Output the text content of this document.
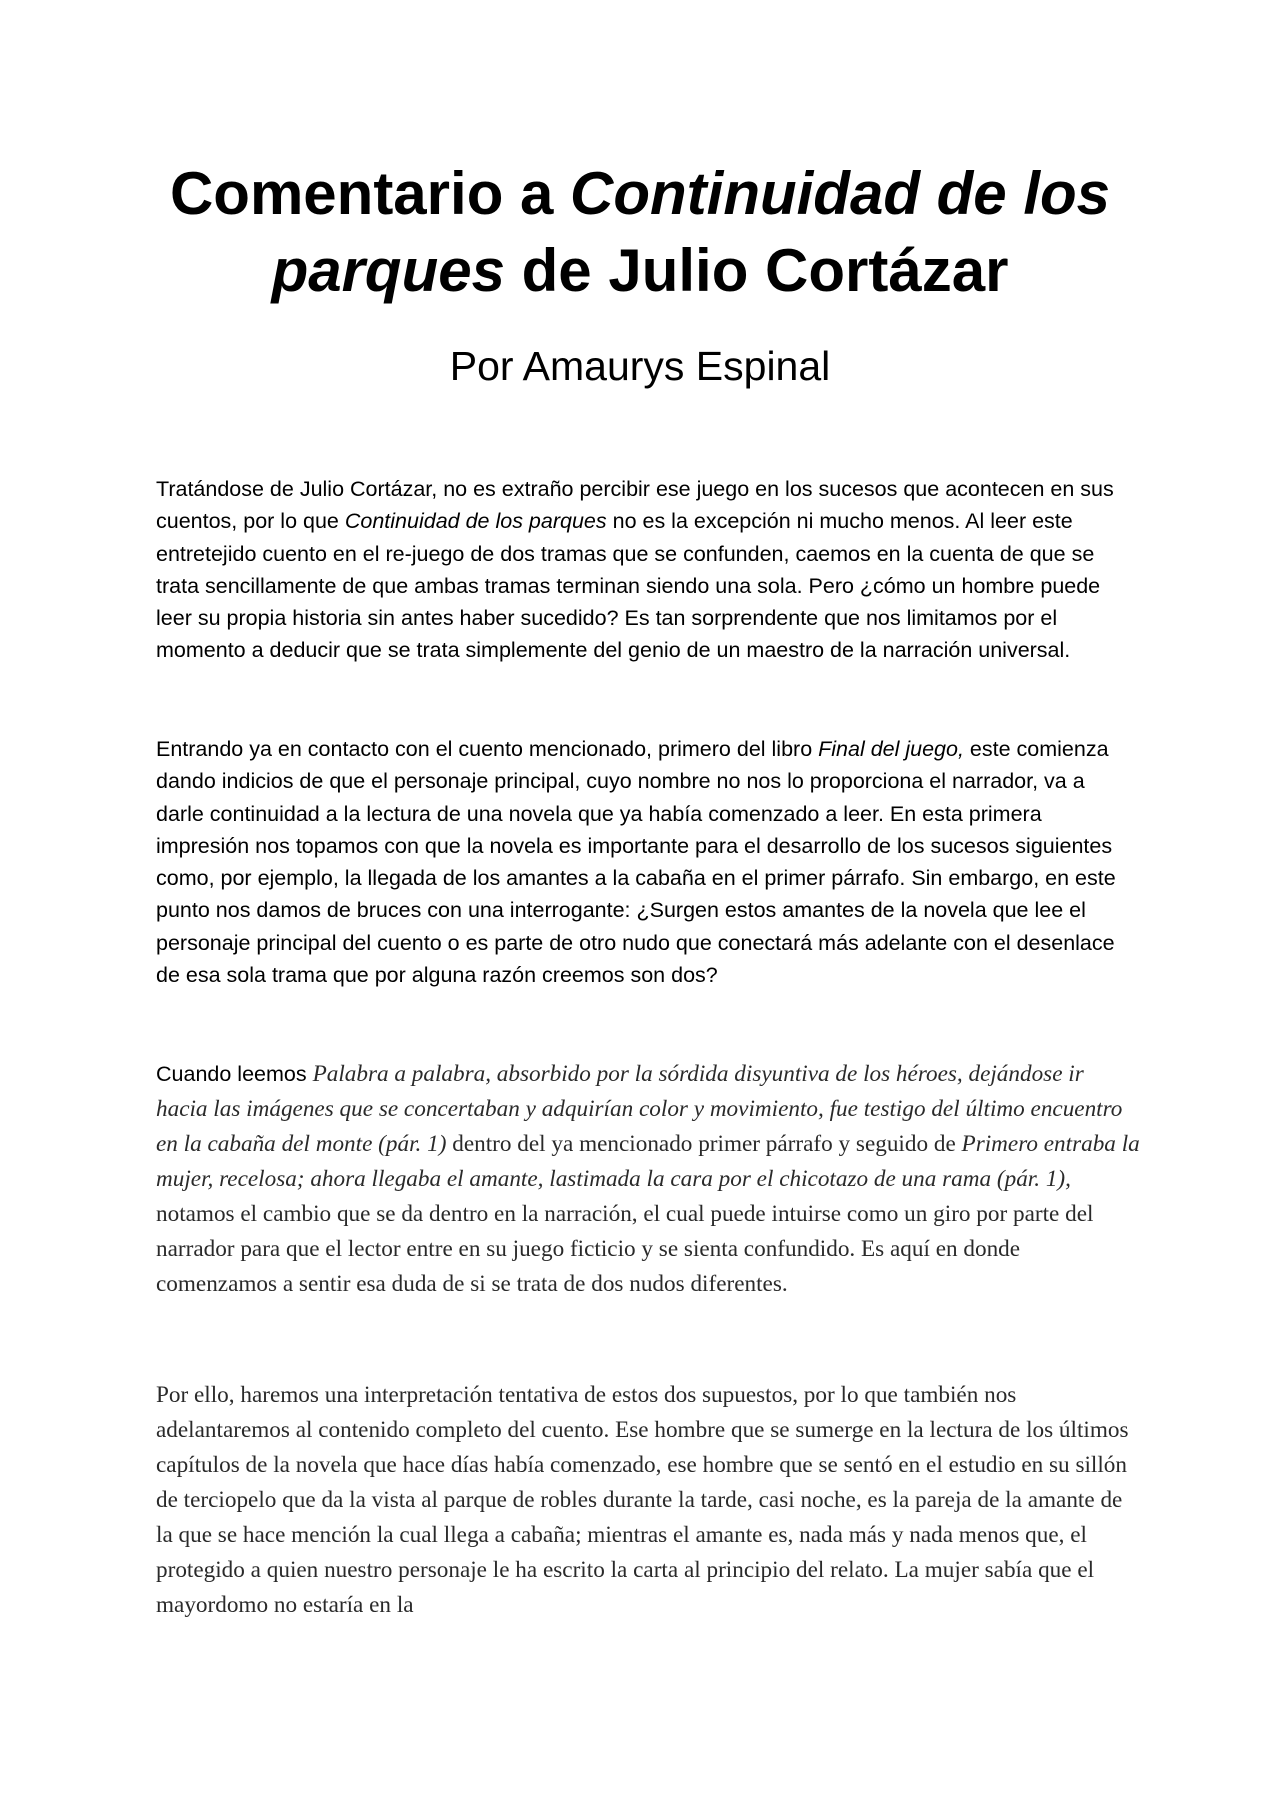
Comentario a Continuidad de los parques de Julio Cortázar

Por Amaurys Espinal

Tratándose de Julio Cortázar, no es extraño percibir ese juego en los sucesos que acontecen en sus cuentos, por lo que Continuidad de los parques no es la excepción ni mucho menos. Al leer este entretejido cuento en el re-juego de dos tramas que se confunden, caemos en la cuenta de que se trata sencillamente de que ambas tramas terminan siendo una sola. Pero ¿cómo un hombre puede leer su propia historia sin antes haber sucedido? Es tan sorprendente que nos limitamos por el momento a deducir que se trata simplemente del genio de un maestro de la narración universal.

Entrando ya en contacto con el cuento mencionado, primero del libro Final del juego, este comienza dando indicios de que el personaje principal, cuyo nombre no nos lo proporciona el narrador, va a darle continuidad a la lectura de una novela que ya había comenzado a leer. En esta primera impresión nos topamos con que la novela es importante para el desarrollo de los sucesos siguientes como, por ejemplo, la llegada de los amantes a la cabaña en el primer párrafo. Sin embargo, en este punto nos damos de bruces con una interrogante: ¿Surgen estos amantes de la novela que lee el personaje principal del cuento o es parte de otro nudo que conectará más adelante con el desenlace de esa sola trama que por alguna razón creemos son dos?

Cuando leemos Palabra a palabra, absorbido por la sórdida disyuntiva de los héroes, dejándose ir hacia las imágenes que se concertaban y adquirían color y movimiento, fue testigo del último encuentro en la cabaña del monte (pár. 1) dentro del ya mencionado primer párrafo y seguido de Primero entraba la mujer, recelosa; ahora llegaba el amante, lastimada la cara por el chicotazo de una rama (pár. 1), notamos el cambio que se da dentro en la narración, el cual puede intuirse como un giro por parte del narrador para que el lector entre en su juego ficticio y se sienta confundido. Es aquí en donde comenzamos a sentir esa duda de si se trata de dos nudos diferentes.

Por ello, haremos una interpretación tentativa de estos dos supuestos, por lo que también nos adelantaremos al contenido completo del cuento. Ese hombre que se sumerge en la lectura de los últimos capítulos de la novela que hace días había comenzado, ese hombre que se sentó en el estudio en su sillón de terciopelo que da la vista al parque de robles durante la tarde, casi noche, es la pareja de la amante de la que se hace mención la cual llega a cabaña; mientras el amante es, nada más y nada menos que, el protegido a quien nuestro personaje le ha escrito la carta al principio del relato. La mujer sabía que el mayordomo no estaría en la
